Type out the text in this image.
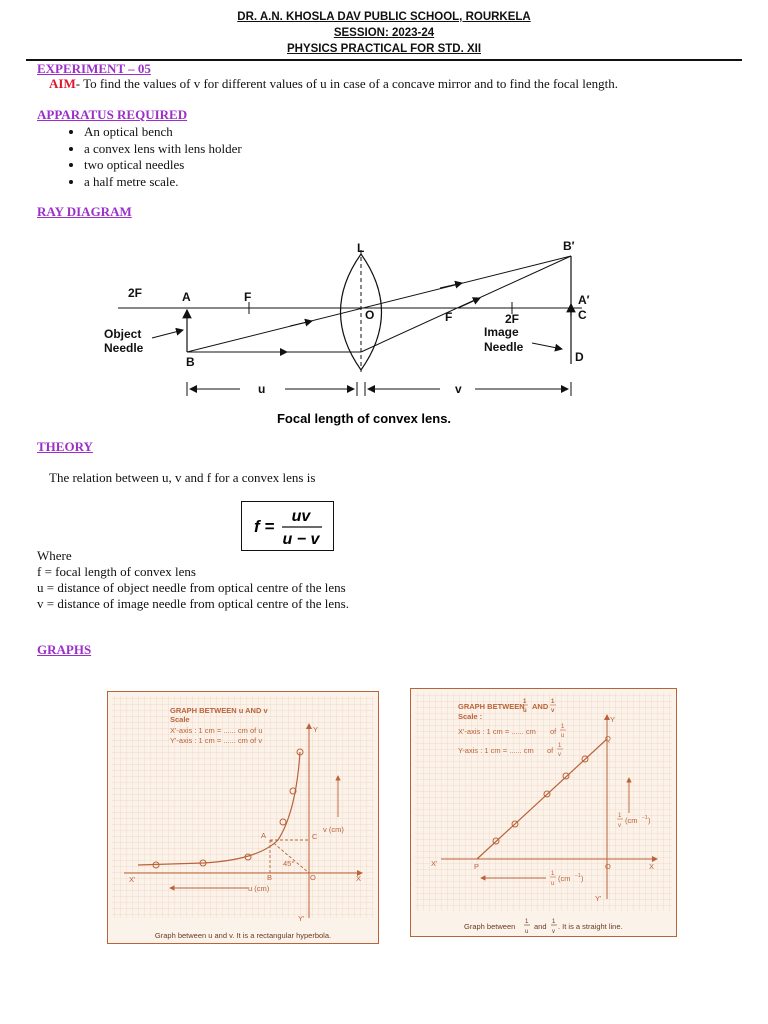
DR. A.N. KHOSLA DAV PUBLIC SCHOOL, ROURKELA
SESSION: 2023-24
PHYSICS PRACTICAL FOR STD. XII
EXPERIMENT – 05
AIM- To find the values of v for different values of u in case of a concave mirror and to find the focal length.
APPARATUS REQUIRED
• An optical bench
• a convex lens with lens holder
• two optical needles
• a half metre scale.
RAY DIAGRAM
2F	A	F
L	B′
A′
C
O	F	2F
Image
Needle
Object
Needle
B	D
u	v
Focal length of convex lens.
THEORY
The relation between u, v and f for a convex lens is
f =
uv
u − v
Where
f = focal length of convex lens
u = distance of object needle from optical centre of the lens
v = distance of image needle from optical centre of the lens.
GRAPHS
GRAPH BETWEEN u AND v
Scale
X'-axis : 1 cm = ...... cm of u
Y'-axis : 1 cm = ...... cm of v
Y
v (cm)
A	C
45°
B	O	X
X'
u (cm)
Y'
Graph between u and v. It is a rectangular hyperbola.
GRAPH BETWEEN
1
u AND 1
v
Scale :
X'-axis : 1 cm = ...... cm of 1
u
Y-axis : 1 cm = ...... cm of 1
v
Y
Q
X'	P	O	X
Y'
1
v
(cm −1 )
1
u
(cm −1 )
Graph between 1
u
and 1
v
. It is a straight line.
